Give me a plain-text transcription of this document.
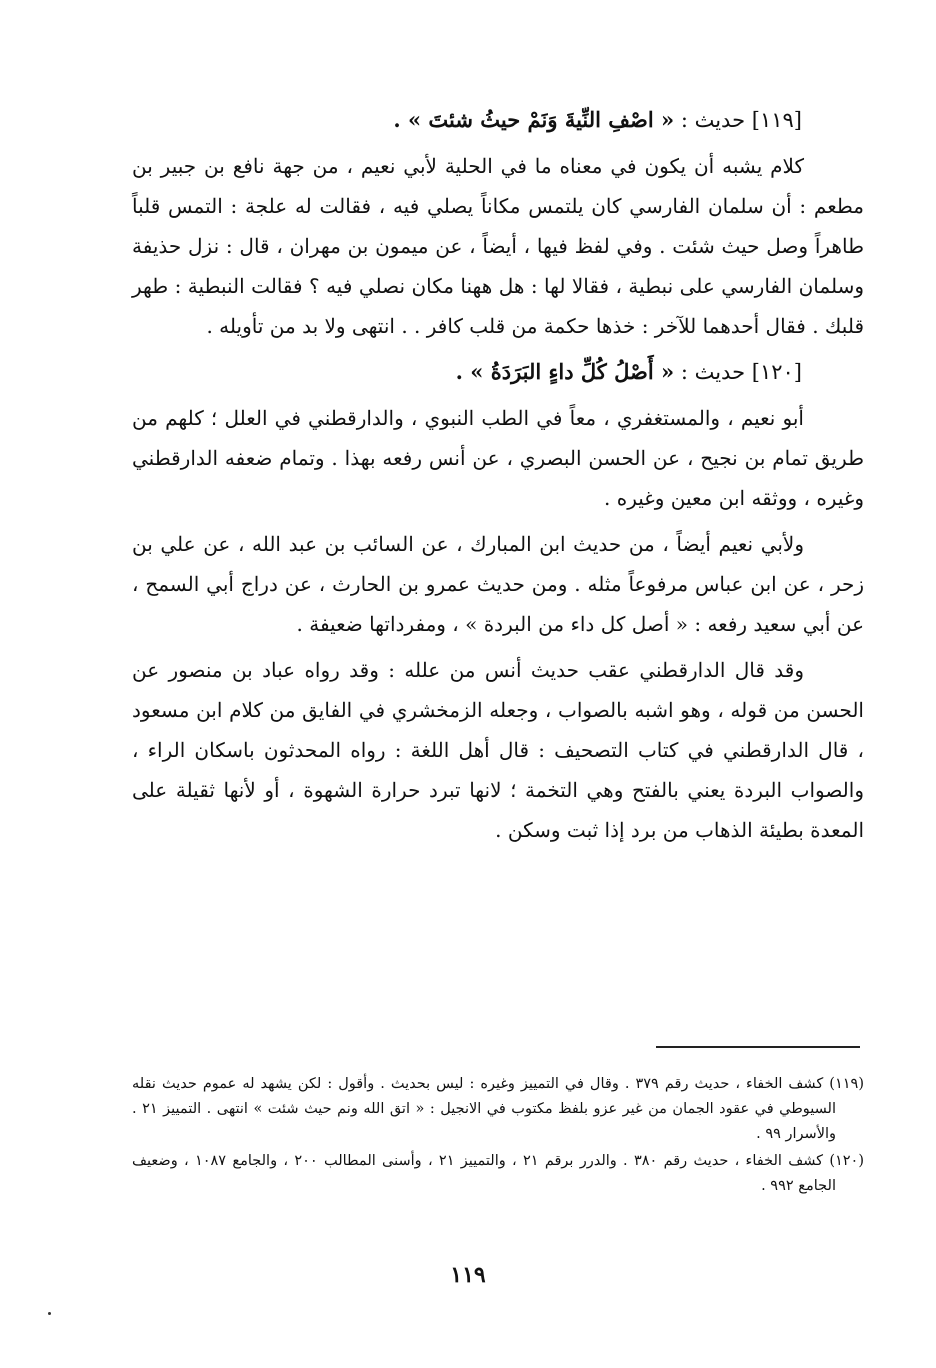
[١١٩] حديث : « اصْفِ النِّيةَ وَنَمْ حيثُ شئتَ » .

كلام يشبه أن يكون في معناه ما في الحلية لأبي نعيم ، من جهة نافع بن جبير بن مطعم : أن سلمان الفارسي كان يلتمس مكاناً يصلي فيه ، فقالت له علجة : التمس قلباً طاهراً وصل حيث شئت . وفي لفظ فيها ، أيضاً ، عن ميمون بن مهران ، قال : نزل حذيفة وسلمان الفارسي على نبطية ، فقالا لها : هل ههنا مكان نصلي فيه ؟ فقالت النبطية : طهر قلبك . فقال أحدهما للآخر : خذها حكمة من قلب كافر . . انتهى ولا بد من تأويله .

[١٢٠] حديث : « أَصْلُ كُلِّ داءٍ البَرَدَةُ » .

أبو نعيم ، والمستغفري ، معاً في الطب النبوي ، والدارقطني في العلل ؛ كلهم من طريق تمام بن نجيح ، عن الحسن البصري ، عن أنس رفعه بهذا . وتمام ضعفه الدارقطني وغيره ، ووثقه ابن معين وغيره .

ولأبي نعيم أيضاً ، من حديث ابن المبارك ، عن السائب بن عبد الله ، عن علي بن زحر ، عن ابن عباس مرفوعاً مثله . ومن حديث عمرو بن الحارث ، عن دراج أبي السمح ، عن أبي سعيد رفعه : « أصل كل داء من البردة » ، ومفرداتها ضعيفة .

وقد قال الدارقطني عقب حديث أنس من علله : وقد رواه عباد بن منصور عن الحسن من قوله ، وهو اشبه بالصواب ، وجعله الزمخشري في الفايق من كلام ابن مسعود ، قال الدارقطني في كتاب التصحيف : قال أهل اللغة : رواه المحدثون باسكان الراء ، والصواب البردة يعني بالفتح وهي التخمة ؛ لانها تبرد حرارة الشهوة ، أو لأنها ثقيلة على المعدة بطيئة الذهاب من برد إذا ثبت وسكن .

(١١٩) كشف الخفاء ، حديث رقم ٣٧٩ . وقال في التمييز وغيره : ليس بحديث . وأقول : لكن يشهد له عموم حديث نقله السيوطي في عقود الجمان من غير عزو بلفظ مكتوب في الانجيل : « اتق الله ونم حيث شئت » انتهى . التمييز ٢١ . والأسرار ٩٩ .
(١٢٠) كشف الخفاء ، حديث رقم ٣٨٠ . والدرر برقم ٢١ ، والتمييز ٢١ ، وأسنى المطالب ٢٠٠ ، والجامع ١٠٨٧ ، وضعيف الجامع ٩٩٢ .
١١٩
